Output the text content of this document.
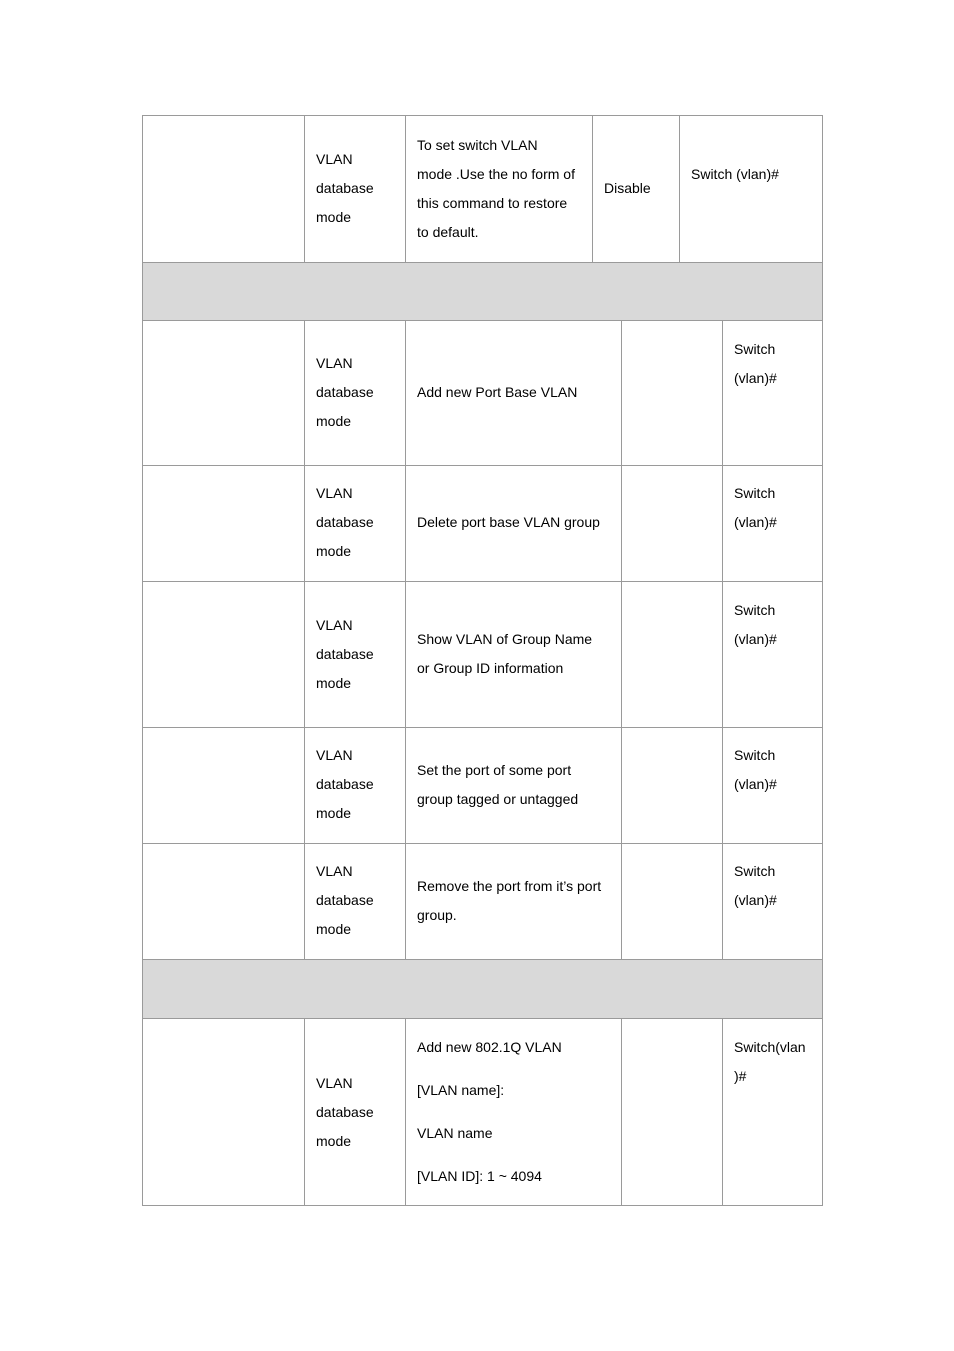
VLAN
database
mode
To set switch VLAN
mode .Use the no form of
this command to restore
to default.
Disable
Switch (vlan)#
VLAN
database
mode
Add new Port Base VLAN
Switch
(vlan)#
VLAN
database
mode
Delete port base VLAN group
Switch
(vlan)#
VLAN
database
mode
Show VLAN of Group Name
or Group ID information
Switch
(vlan)#
VLAN
database
mode
Set the port of some port
group tagged or untagged
Switch
(vlan)#
VLAN
database
mode
Remove the port from it’s port
group.
Switch
(vlan)#
VLAN
database
mode
Add new 802.1Q VLAN
[VLAN name]:
VLAN name
[VLAN ID]: 1 ~ 4094
Switch(vlan
)#
